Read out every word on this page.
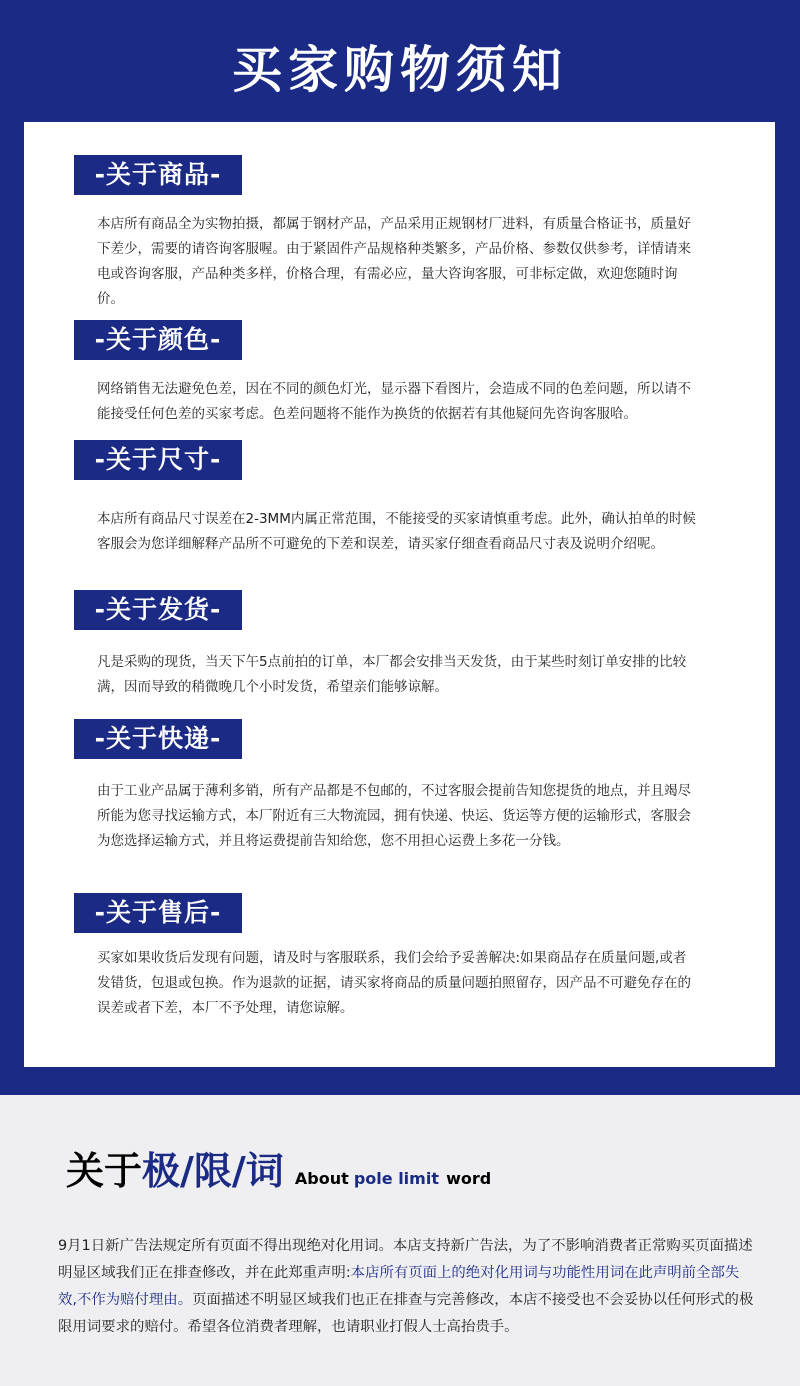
买家购物须知
-关于商品-
本店所有商品全为实物拍摄，都属于钢材产品，产品采用正规钢材厂进料，有质量合格证书，质量好下差少，需要的请咨询客服喔。由于紧固件产品规格种类繁多，产品价格、参数仅供参考，详情请来电或咨询客服，产品种类多样，价格合理，有需必应，量大咨询客服，可非标定做，欢迎您随时询价。
-关于颜色-
网络销售无法避免色差，因在不同的颜色灯光，显示器下看图片，会造成不同的色差问题，所以请不能接受任何色差的买家考虑。色差问题将不能作为换货的依据若有其他疑问先咨询客服哈。
-关于尺寸-
本店所有商品尺寸误差在2-3MM内属正常范围，不能接受的买家请慎重考虑。此外，确认拍单的时候客服会为您详细解释产品所不可避免的下差和误差，请买家仔细查看商品尺寸表及说明介绍呢。
-关于发货-
凡是采购的现货，当天下午5点前拍的订单，本厂都会安排当天发货，由于某些时刻订单安排的比较满，因而导致的稍微晚几个小时发货，希望亲们能够谅解。
-关于快递-
由于工业产品属于薄利多销，所有产品都是不包邮的，不过客服会提前告知您提货的地点，并且竭尽所能为您寻找运输方式，本厂附近有三大物流园，拥有快递、快运、货运等方便的运输形式，客服会为您选择运输方式，并且将运费提前告知给您，您不用担心运费上多花一分钱。
-关于售后-
买家如果收货后发现有问题，请及时与客服联系，我们会给予妥善解决:如果商品存在质量问题,或者发错货，包退或包换。作为退款的证据，请买家将商品的质量问题拍照留存，因产品不可避免存在的误差或者下差，本厂不予处理，请您谅解。
关于极/限/词 About pole limit word
9月1日新广告法规定所有页面不得出现绝对化用词。本店支持新广告法，为了不影响消费者正常购买页面描述明显区域我们正在排查修改，并在此郑重声明:本店所有页面上的绝对化用词与功能性用词在此声明前全部失效,不作为赔付理由。页面描述不明显区域我们也正在排查与完善修改，本店不接受也不会妥协以任何形式的极限用词要求的赔付。希望各位消费者理解，也请职业打假人士高抬贵手。
